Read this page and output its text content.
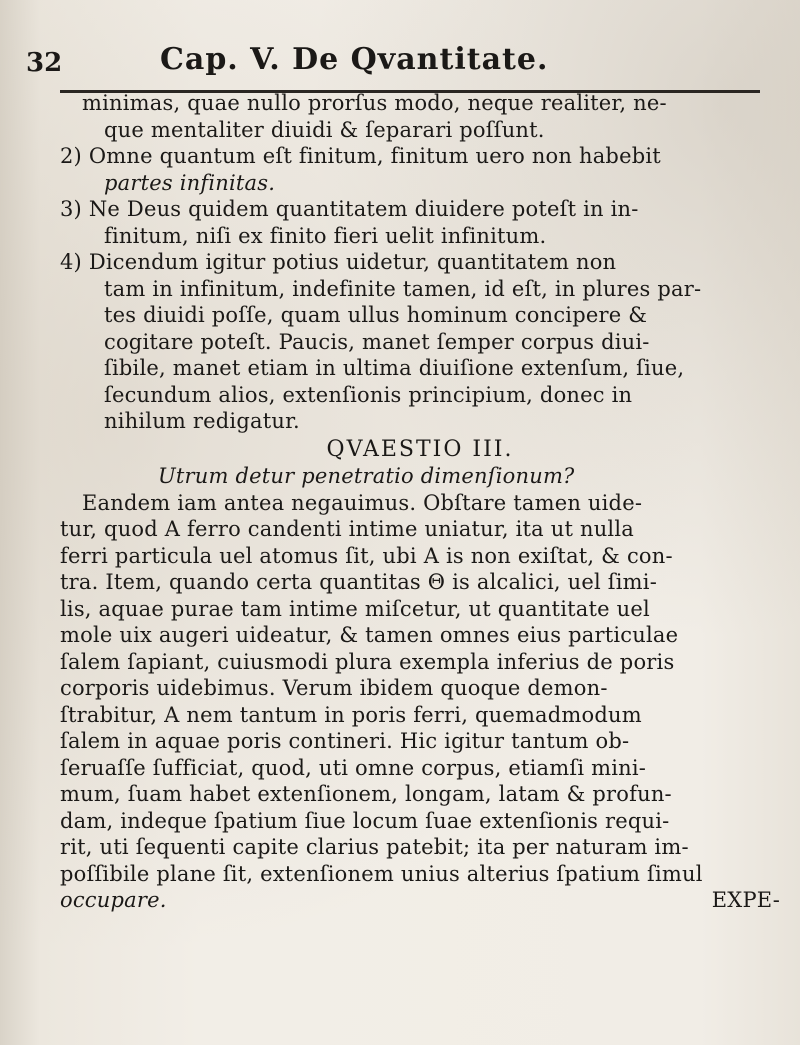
32	Cap. V. De Qvantitate.
minimas, quae nullo prorſus modo, neque realiter, ne-
que mentaliter diuidi & ſeparari poſſunt.
2) Omne quantum eſt finitum, finitum uero non habebit
partes infinitas.
3) Ne Deus quidem quantitatem diuidere poteſt in in-
finitum, niſi ex finito fieri uelit infinitum.
4) Dicendum igitur potius uidetur, quantitatem non
tam in infinitum, indefinite tamen, id eſt, in plures par-
tes diuidi poſſe, quam ullus hominum concipere &
cogitare poteſt. Paucis, manet ſemper corpus diui-
ſibile, manet etiam in ultima diuiſione extenſum, ſiue,
ſecundum alios, extenſionis principium, donec in
nihilum redigatur.
QVAESTIO III.
Utrum detur penetratio dimenſionum?
Eandem iam antea negauimus. Obſtare tamen uide-
tur, quod A ferro candenti intime uniatur, ita ut nulla
ferri particula uel atomus ſit, ubi A is non exiſtat, & con-
tra. Item, quando certa quantitas Θ is alcalici, uel ſimi-
lis, aquae purae tam intime miſcetur, ut quantitate uel
mole uix augeri uideatur, & tamen omnes eius particulae
ſalem ſapiant, cuiusmodi plura exempla inferius de poris
corporis uidebimus. Verum ibidem quoque demon-
ſtrabitur, A nem tantum in poris ferri, quemadmodum
ſalem in aquae poris contineri. Hic igitur tantum ob-
ſeruaſſe ſufficiat, quod, uti omne corpus, etiamſi mini-
mum, ſuam habet extenſionem, longam, latam & profun-
dam, indeque ſpatium ſiue locum ſuae extenſionis requi-
rit, uti ſequenti capite clarius patebit; ita per naturam im-
poſſibile plane ſit, extenſionem unius alterius ſpatium ſimul
occupare.	EXPE-
